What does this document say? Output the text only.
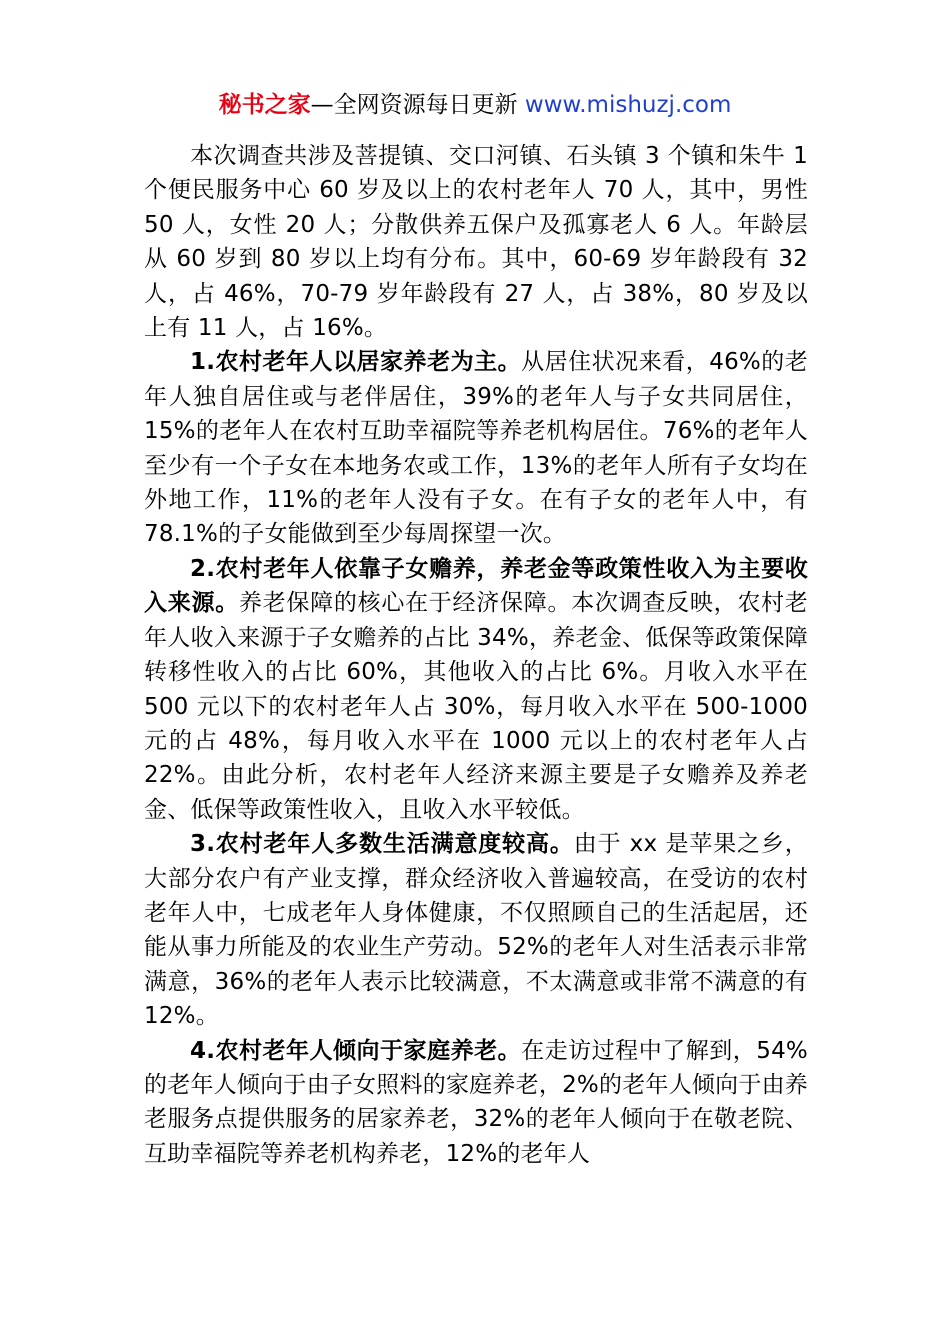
秘书之家—全网资源每日更新 www.mishuzj.com

本次调查共涉及菩提镇、交口河镇、石头镇 3 个镇和朱牛 1 个便民服务中心 60 岁及以上的农村老年人 70 人，其中，男性 50 人，女性 20 人；分散供养五保户及孤寡老人 6 人。年龄层从 60 岁到 80 岁以上均有分布。其中，60-69 岁年龄段有 32 人，占 46%，70-79 岁年龄段有 27 人，占 38%，80 岁及以上有 11 人，占 16%。

1.农村老年人以居家养老为主。从居住状况来看，46%的老年人独自居住或与老伴居住，39%的老年人与子女共同居住，15%的老年人在农村互助幸福院等养老机构居住。76%的老年人至少有一个子女在本地务农或工作，13%的老年人所有子女均在外地工作，11%的老年人没有子女。在有子女的老年人中，有 78.1%的子女能做到至少每周探望一次。

2.农村老年人依靠子女赡养，养老金等政策性收入为主要收入来源。养老保障的核心在于经济保障。本次调查反映，农村老年人收入来源于子女赡养的占比 34%，养老金、低保等政策保障转移性收入的占比 60%，其他收入的占比 6%。月收入水平在 500 元以下的农村老年人占 30%，每月收入水平在 500-1000 元的占 48%，每月收入水平在 1000 元以上的农村老年人占 22%。由此分析，农村老年人经济来源主要是子女赡养及养老金、低保等政策性收入，且收入水平较低。

3.农村老年人多数生活满意度较高。由于 xx 是苹果之乡，大部分农户有产业支撑，群众经济收入普遍较高，在受访的农村老年人中，七成老年人身体健康，不仅照顾自己的生活起居，还能从事力所能及的农业生产劳动。52%的老年人对生活表示非常满意，36%的老年人表示比较满意，不太满意或非常不满意的有 12%。

4.农村老年人倾向于家庭养老。在走访过程中了解到，54%的老年人倾向于由子女照料的家庭养老，2%的老年人倾向于由养老服务点提供服务的居家养老，32%的老年人倾向于在敬老院、互助幸福院等养老机构养老，12%的老年人
